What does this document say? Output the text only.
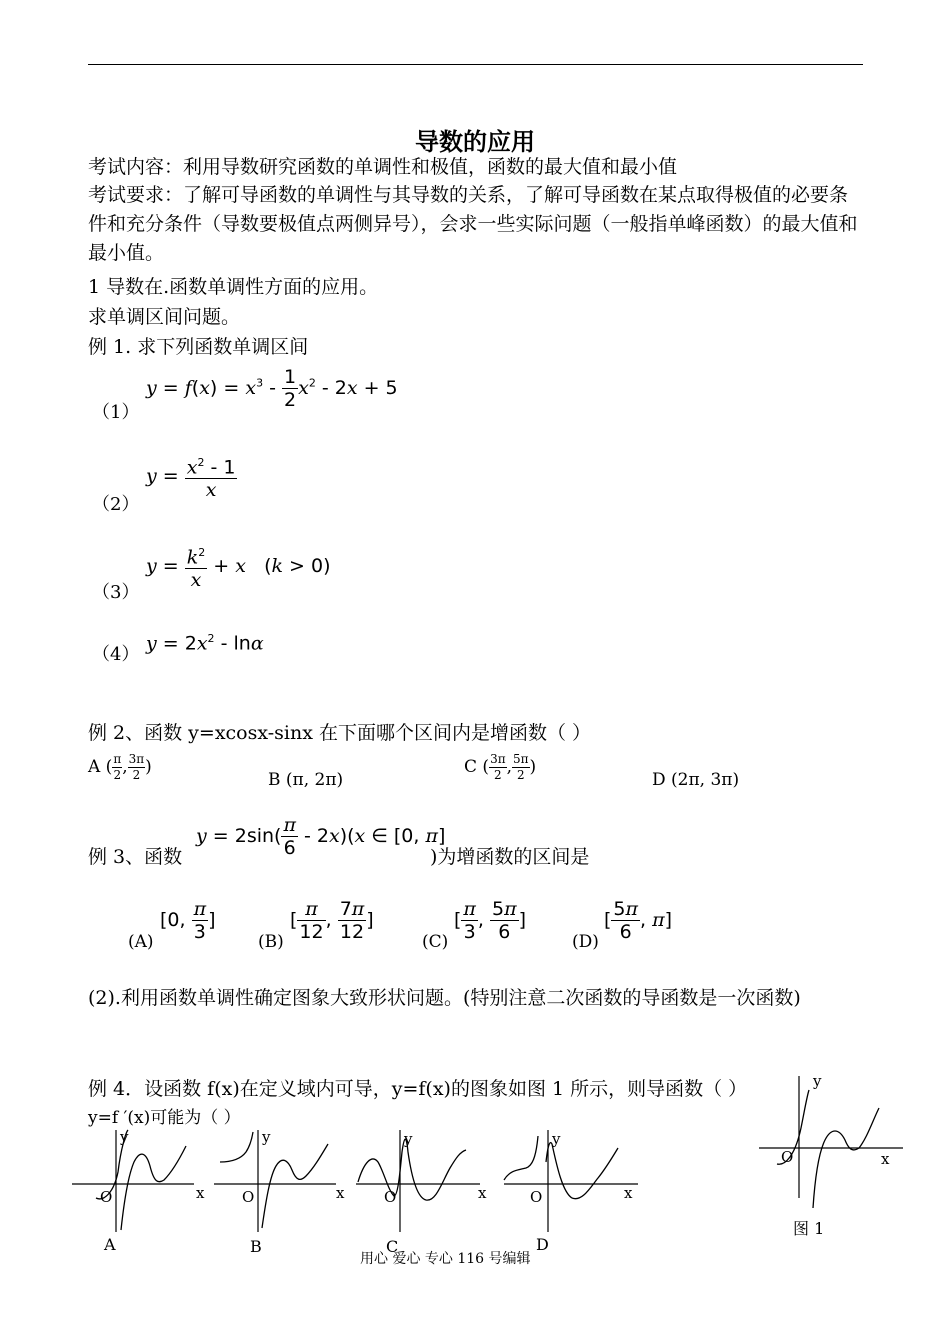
导数的应用
考试内容：利用导数研究函数的单调性和极值，函数的最大值和最小值
考试要求：了解可导函数的单调性与其导数的关系，了解可导函数在某点取得极值的必要条件和充分条件（导数要极值点两侧异号），会求一些实际问题（一般指单峰函数）的最大值和最小值。
1 导数在.函数单调性方面的应用。
求单调区间问题。
例 1. 求下列函数单调区间
（1）
$y = f(x) = x^3 - \frac{1}{2} x^2 - 2x + 5$
（2）
$y = \frac{x^2 - 1}{x}$
（3）
$y = \frac{k^2}{x} + x$   (k > 0)
（4）
$y = 2x^2 - \ln\alpha$
例 2、函数 y=xcosx-sinx 在下面哪个区间内是增函数（ ）
A ( $\frac{\pi}{2}$ , $\frac{3\pi}{2}$ )
B (π, 2π)
C ( $\frac{3\pi}{2}$ , $\frac{5\pi}{2}$ )
D (2π, 3π)
例 3、函数
$y = 2\sin( \frac{\pi}{6} - 2x)(x$ ∈ [0, π]
)为增函数的区间是
(A)
[0, $\frac{\pi}{3}$ ]
(B)
[ $\frac{\pi}{12}$ , $\frac{7\pi}{12}$ ]
(C)
[ $\frac{\pi}{3}$ , $\frac{5\pi}{6}$ ]
(D)
[ $\frac{5\pi}{6}$ , π]
(2).利用函数单调性确定图象大致形状问题。(特别注意二次函数的导函数是一次函数)
例 4．设函数 f(x)在定义域内可导，y=f(x)的图象如图 1 所示，则导函数（ ）
y=f ′(x)可能为（ ）
y
x
O
A
y
x
O
B
y
x
O
C
y
x
O
D
y
x
O
图 1
用心 爱心 专心 116 号编辑
